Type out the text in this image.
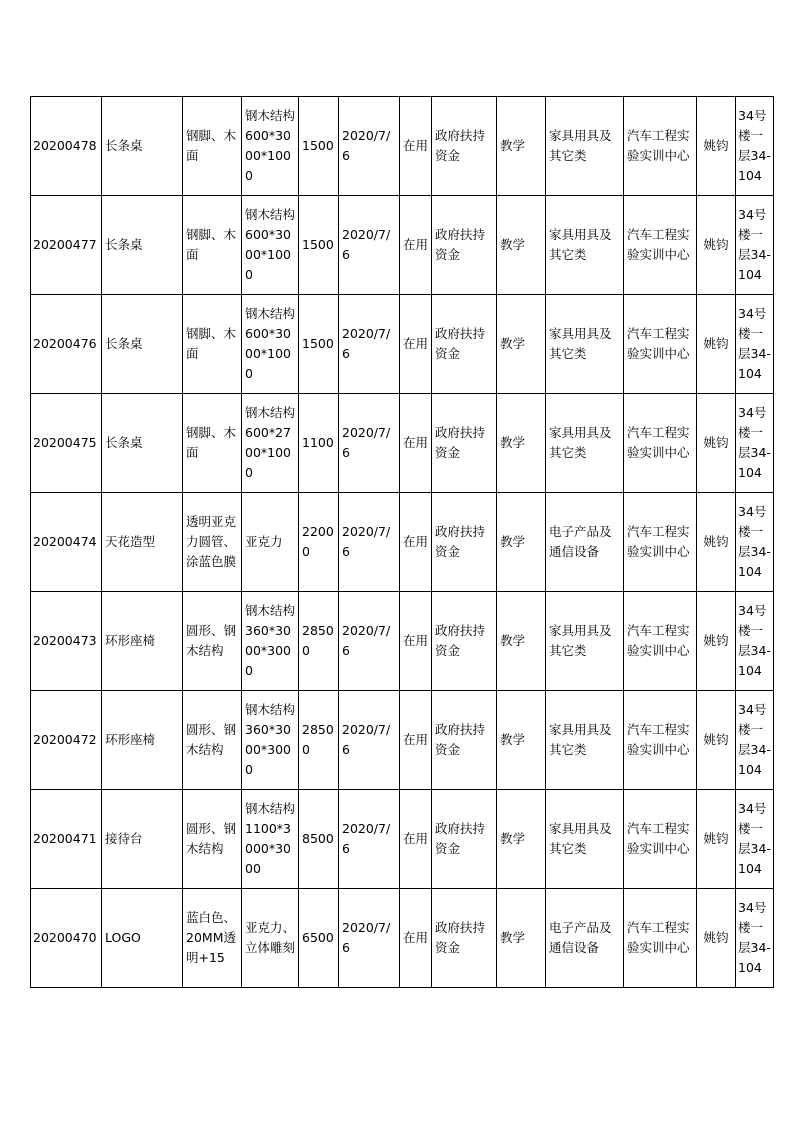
20200478	长条桌	钢脚、木面	钢木结构600*3000*1000	1500	2020/7/6	在用	政府扶持资金	教学	家具用具及其它类	汽车工程实验实训中心	姚钧	34号楼一层34-104
20200477	长条桌	钢脚、木面	钢木结构600*3000*1000	1500	2020/7/6	在用	政府扶持资金	教学	家具用具及其它类	汽车工程实验实训中心	姚钧	34号楼一层34-104
20200476	长条桌	钢脚、木面	钢木结构600*3000*1000	1500	2020/7/6	在用	政府扶持资金	教学	家具用具及其它类	汽车工程实验实训中心	姚钧	34号楼一层34-104
20200475	长条桌	钢脚、木面	钢木结构600*2700*1000	1100	2020/7/6	在用	政府扶持资金	教学	家具用具及其它类	汽车工程实验实训中心	姚钧	34号楼一层34-104
20200474	天花造型	透明亚克力圆管、涂蓝色膜	亚克力	22000	2020/7/6	在用	政府扶持资金	教学	电子产品及通信设备	汽车工程实验实训中心	姚钧	34号楼一层34-104
20200473	环形座椅	圆形、钢木结构	钢木结构360*3000*3000	28500	2020/7/6	在用	政府扶持资金	教学	家具用具及其它类	汽车工程实验实训中心	姚钧	34号楼一层34-104
20200472	环形座椅	圆形、钢木结构	钢木结构360*3000*3000	28500	2020/7/6	在用	政府扶持资金	教学	家具用具及其它类	汽车工程实验实训中心	姚钧	34号楼一层34-104
20200471	接待台	圆形、钢木结构	钢木结构1100*3000*3000	8500	2020/7/6	在用	政府扶持资金	教学	家具用具及其它类	汽车工程实验实训中心	姚钧	34号楼一层34-104
20200470	LOGO	蓝白色、20MM透明+15	亚克力、立体雕刻	6500	2020/7/6	在用	政府扶持资金	教学	电子产品及通信设备	汽车工程实验实训中心	姚钧	34号楼一层34-104
